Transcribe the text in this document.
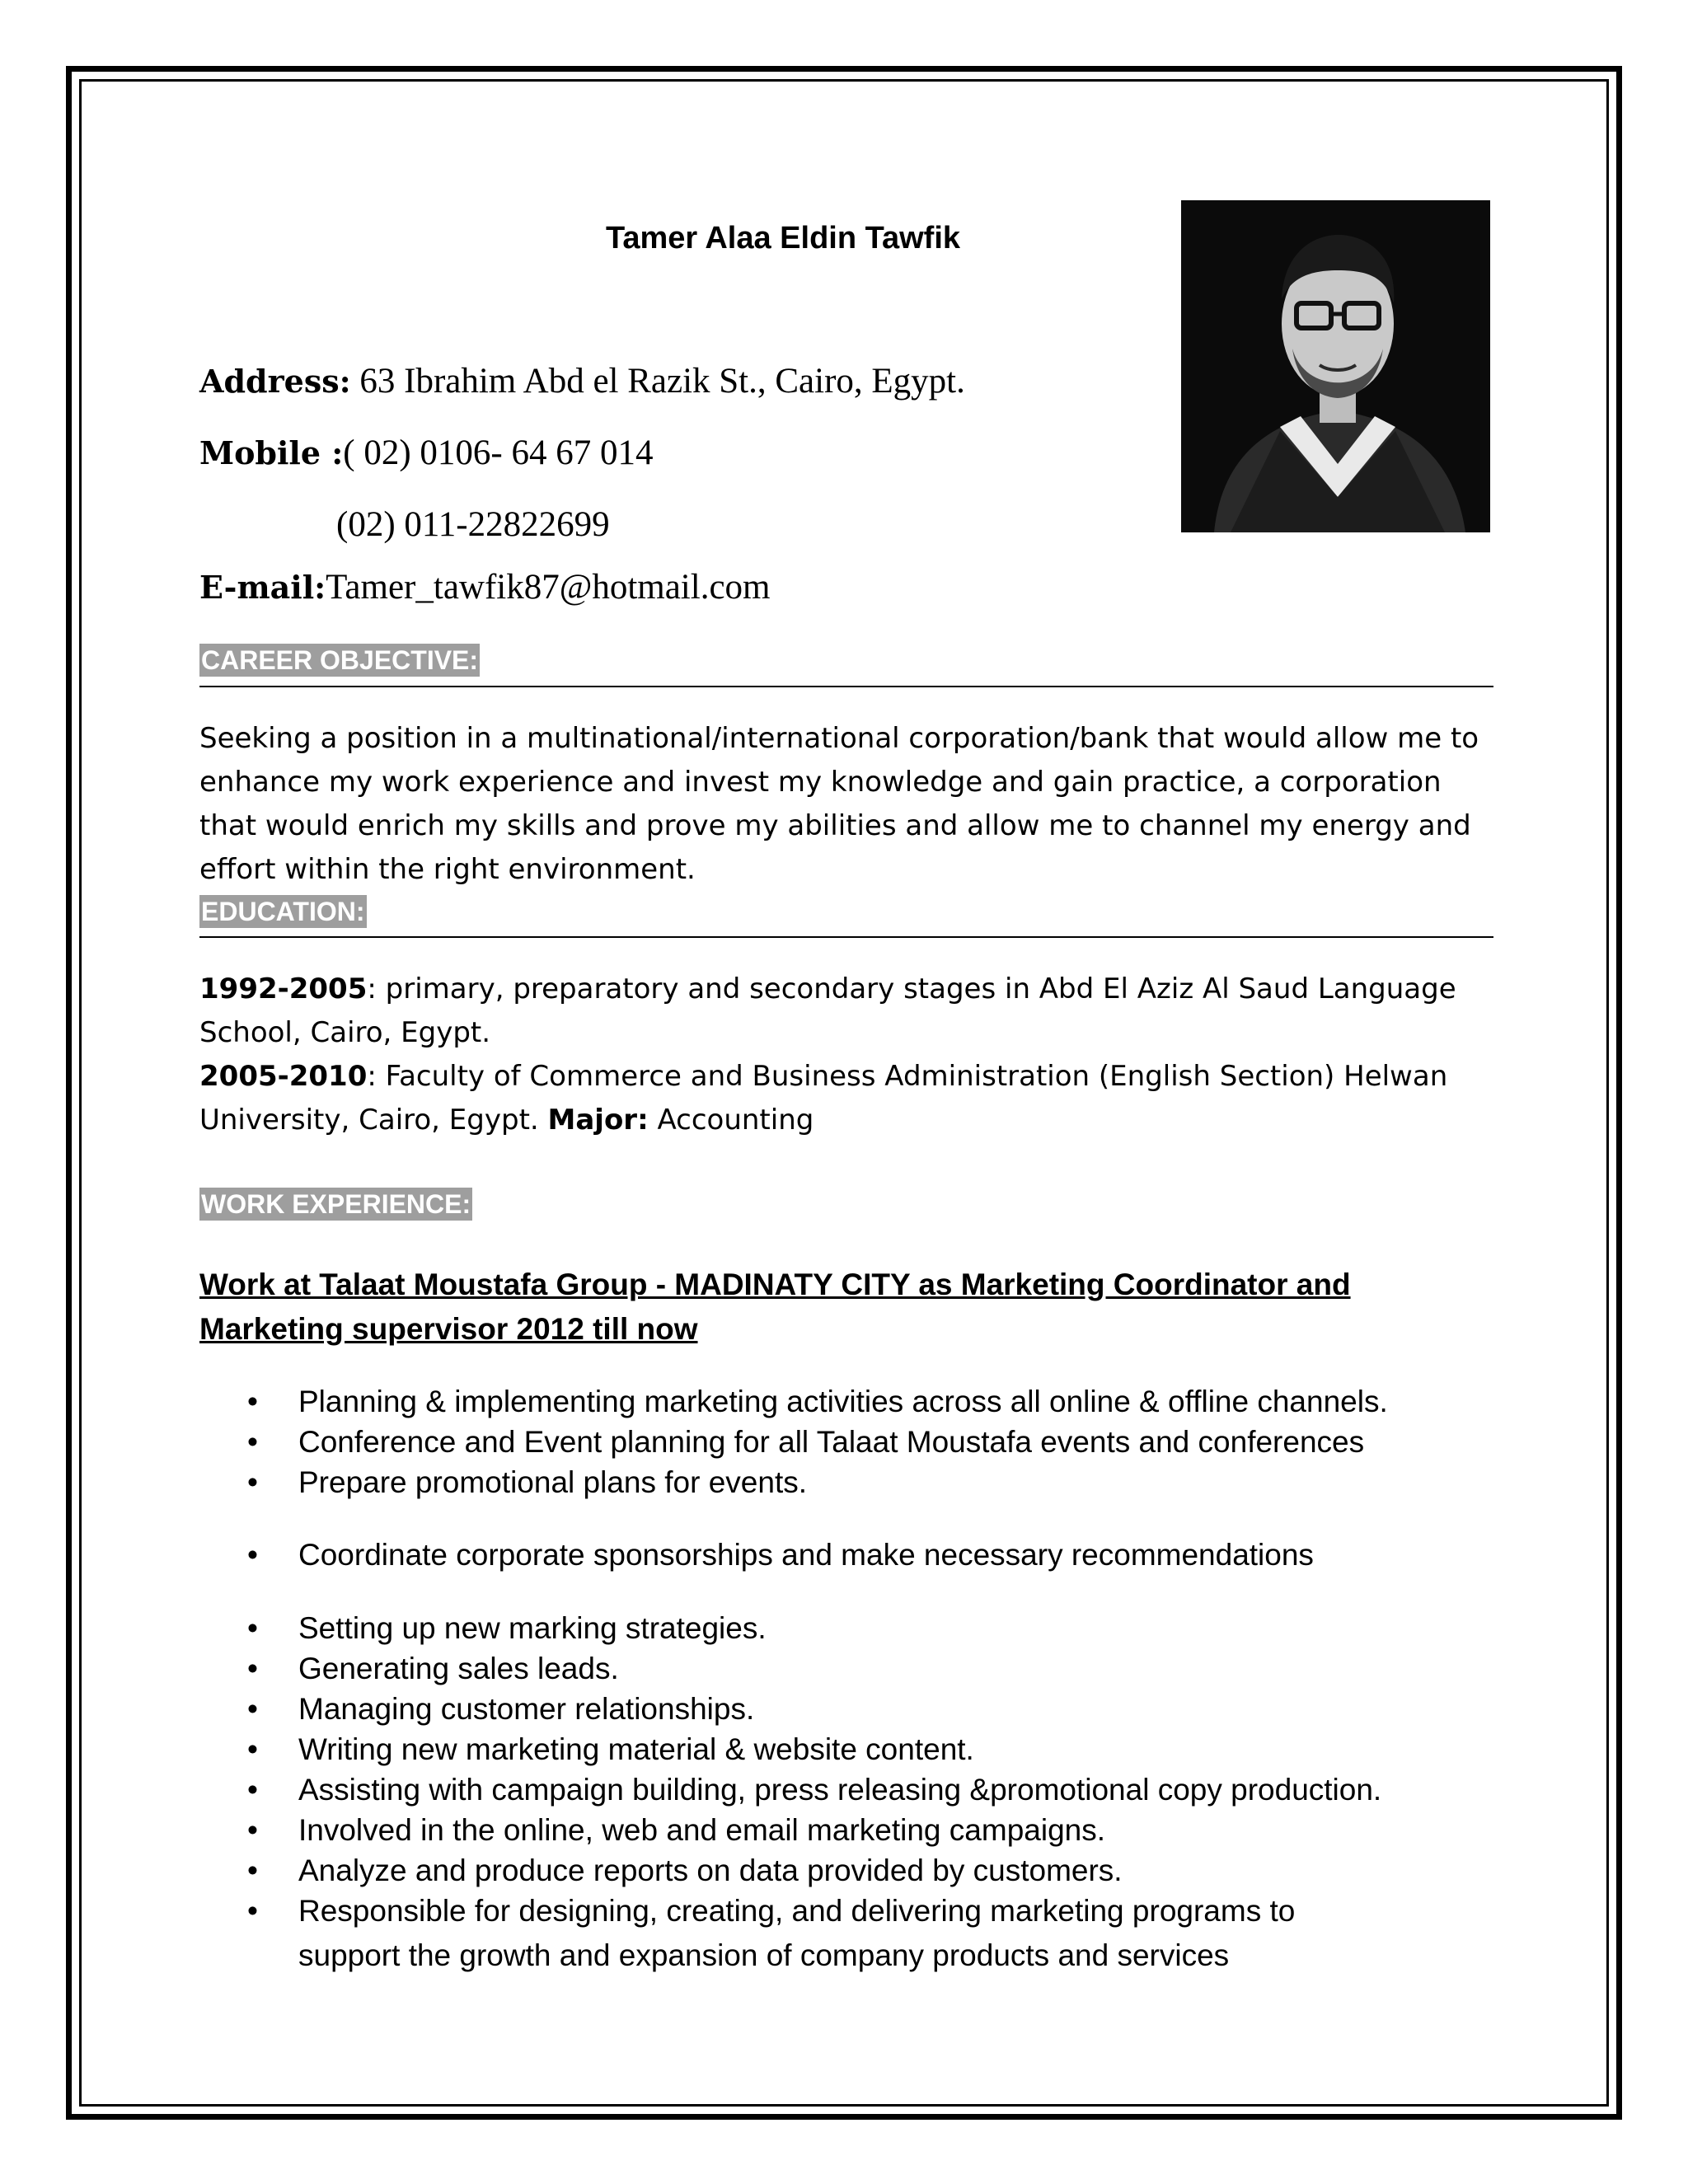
Tamer Alaa Eldin Tawfik
Address: 63 Ibrahim Abd el Razik St., Cairo, Egypt.
Mobile :( 02) 0106- 64 67 014
(02) 011-22822699
E-mail:Tamer_tawfik87@hotmail.com
CAREER OBJECTIVE:
Seeking a position in a multinational/international corporation/bank that would allow me to enhance my work experience and invest my knowledge and gain practice, a corporation that would enrich my skills and prove my abilities and allow me to channel my energy and effort within the right environment.
EDUCATION:
1992-2005: primary, preparatory and secondary stages in Abd El Aziz Al Saud Language
School, Cairo, Egypt.
2005-2010: Faculty of Commerce and Business Administration (English Section) Helwan
University, Cairo, Egypt. Major: Accounting
WORK EXPERIENCE:
Work at Talaat Moustafa Group - MADINATY CITY as Marketing Coordinator and
Marketing supervisor 2012 till now
•	Planning & implementing marketing activities across all online & offline channels.
•	Conference and Event planning for all Talaat Moustafa events and conferences
•	Prepare promotional plans for events.
•	Coordinate corporate sponsorships and make necessary recommendations
•	Setting up new marking strategies.
•	Generating sales leads.
•	Managing customer relationships.
•	Writing new marketing material & website content.
•	Assisting with campaign building, press releasing &promotional copy production.
•	Involved in the online, web and email marketing campaigns.
•	Analyze and produce reports on data provided by customers.
•	Responsible for designing, creating, and delivering marketing programs to
support the growth and expansion of company products and services
